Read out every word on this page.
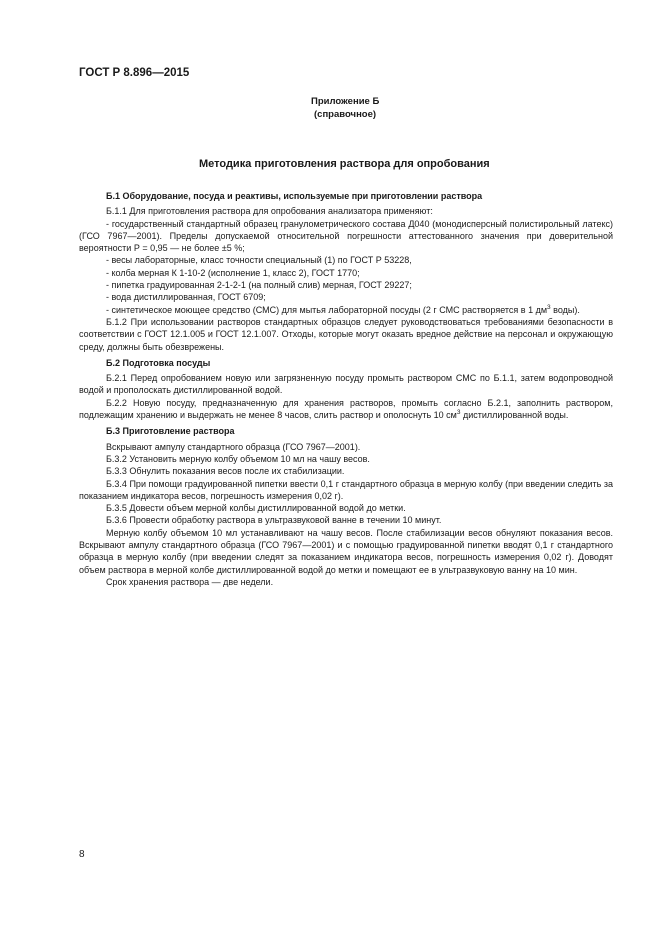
ГОСТ Р 8.896—2015
Приложение Б
(справочное)
Методика приготовления раствора для опробования

Б.1 Оборудование, посуда и реактивы, используемые при приготовлении раствора

Б.1.1 Для приготовления раствора для опробования анализатора применяют:

- государственный стандартный образец гранулометрического состава Д040 (монодисперсный полистирольный латекс) (ГСО 7967—2001). Пределы допускаемой относительной погрешности аттестованного значения при доверительной вероятности Р = 0,95 — не более ±5 %;

- весы лабораторные, класс точности специальный (1) по ГОСТ Р 53228,

- колба мерная К 1-10-2 (исполнение 1, класс 2), ГОСТ 1770;

- пипетка градуированная 2-1-2-1 (на полный слив) мерная, ГОСТ 29227;

- вода дистиллированная, ГОСТ 6709;

- синтетическое моющее средство (СМС) для мытья лабораторной посуды (2 г СМС растворяется в 1 $дм^3$ воды).

Б.1.2 При использовании растворов стандартных образцов следует руководствоваться требованиями безопасности в соответствии с ГОСТ 12.1.005 и ГОСТ 12.1.007. Отходы, которые могут оказать вредное действие на персонал и окружающую среду, должны быть обезврежены.

Б.2 Подготовка посуды

Б.2.1 Перед опробованием новую или загрязненную посуду промыть раствором СМС по Б.1.1, затем водопроводной водой и прополоскать дистиллированной водой.

Б.2.2 Новую посуду, предназначенную для хранения растворов, промыть согласно Б.2.1, заполнить раствором, подлежащим хранению и выдержать не менее 8 часов, слить раствор и ополоснуть 10 $см^3$ дистиллированной воды.

Б.3 Приготовление раствора

Вскрывают ампулу стандартного образца (ГСО 7967—2001).

Б.3.2 Установить мерную колбу объемом 10 мл на чашу весов.

Б.3.3 Обнулить показания весов после их стабилизации.

Б.3.4 При помощи градуированной пипетки ввести 0,1 г стандартного образца в мерную колбу (при введении следить за показанием индикатора весов, погрешность измерения 0,02 г).

Б.3.5 Довести объем мерной колбы дистиллированной водой до метки.

Б.3.6 Провести обработку раствора в ультразвуковой ванне в течении 10 минут.

Мерную колбу объемом 10 мл устанавливают на чашу весов. После стабилизации весов обнуляют показания весов. Вскрывают ампулу стандартного образца (ГСО 7967—2001) и с помощью градуированной пипетки вводят 0,1 г стандартного образца в мерную колбу (при введении следят за показанием индикатора весов, погрешность измерения 0,02 г). Доводят объем раствора в мерной колбе дистиллированной водой до метки и помещают ее в ультразвуковую ванну на 10 мин.

Срок хранения раствора — две недели.

8
